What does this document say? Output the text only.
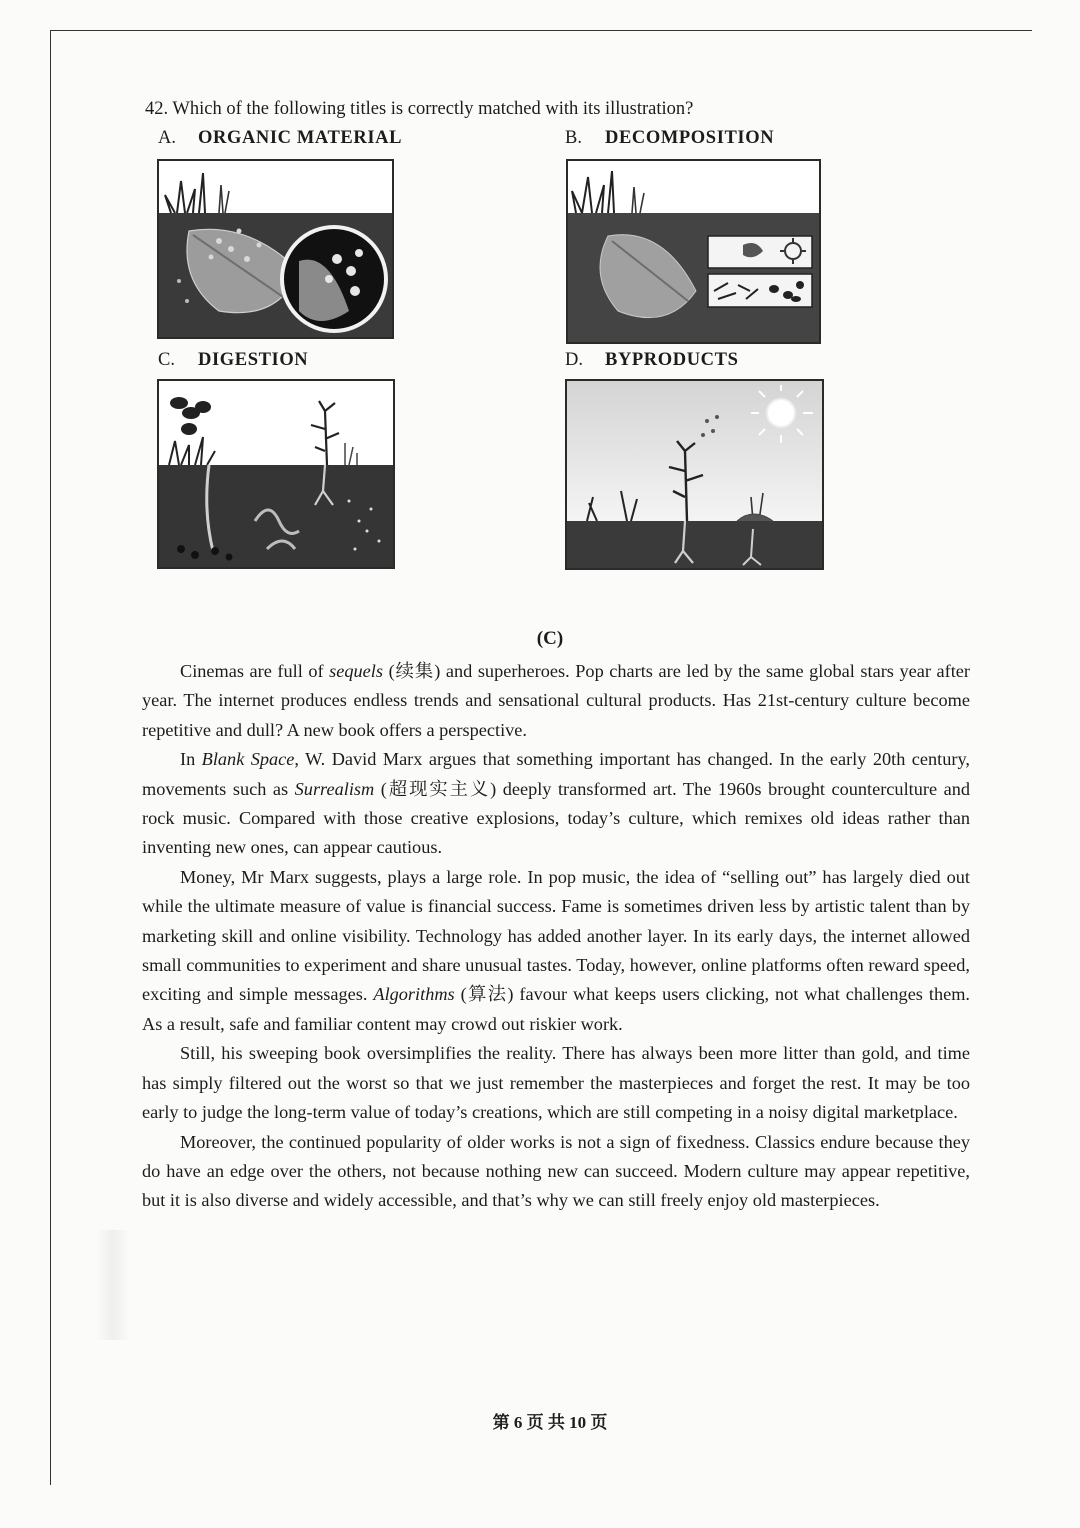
42. Which of the following titles is correctly matched with its illustration?
A. ORGANIC MATERIAL	B. DECOMPOSITION
C. DIGESTION	D. BYPRODUCTS
(C)

Cinemas are full of sequels (续集) and superheroes. Pop charts are led by the same global stars year after year. The internet produces endless trends and sensational cultural products. Has 21st-century culture become repetitive and dull? A new book offers a perspective.

In Blank Space, W. David Marx argues that something important has changed. In the early 20th century, movements such as Surrealism (超现实主义) deeply transformed art. The 1960s brought counterculture and rock music. Compared with those creative explosions, today’s culture, which remixes old ideas rather than inventing new ones, can appear cautious.

Money, Mr Marx suggests, plays a large role. In pop music, the idea of “selling out” has largely died out while the ultimate measure of value is financial success. Fame is sometimes driven less by artistic talent than by marketing skill and online visibility. Technology has added another layer. In its early days, the internet allowed small communities to experiment and share unusual tastes. Today, however, online platforms often reward speed, exciting and simple messages. Algorithms (算法) favour what keeps users clicking, not what challenges them. As a result, safe and familiar content may crowd out riskier work.

Still, his sweeping book oversimplifies the reality. There has always been more litter than gold, and time has simply filtered out the worst so that we just remember the masterpieces and forget the rest. It may be too early to judge the long-term value of today’s creations, which are still competing in a noisy digital marketplace.

Moreover, the continued popularity of older works is not a sign of fixedness. Classics endure because they do have an edge over the others, not because nothing new can succeed. Modern culture may appear repetitive, but it is also diverse and widely accessible, and that’s why we can still freely enjoy old masterpieces.

第 6 页 共 10 页
